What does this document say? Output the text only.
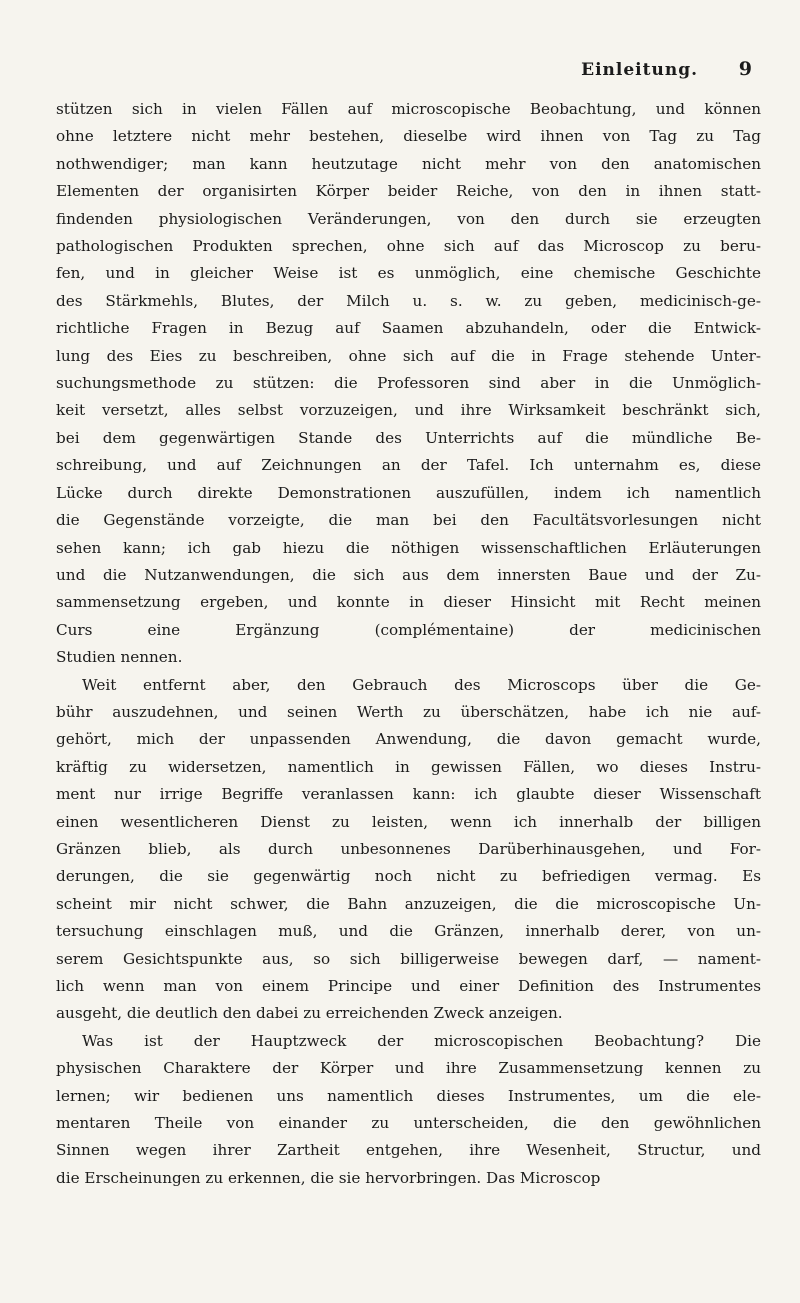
Einleitung. 9
stützen sich in vielen Fällen auf microscopische Beobachtung, und können
ohne letztere nicht mehr bestehen, dieselbe wird ihnen von Tag zu Tag
nothwendiger; man kann heutzutage nicht mehr von den anatomischen
Elementen der organisirten Körper beider Reiche, von den in ihnen statt-
findenden physiologischen Veränderungen, von den durch sie erzeugten
pathologischen Produkten sprechen, ohne sich auf das Microscop zu beru-
fen, und in gleicher Weise ist es unmöglich, eine chemische Geschichte
des Stärkmehls, Blutes, der Milch u. s. w. zu geben, medicinisch-ge-
richtliche Fragen in Bezug auf Saamen abzuhandeln, oder die Entwick-
lung des Eies zu beschreiben, ohne sich auf die in Frage stehende Unter-
suchungsmethode zu stützen: die Professoren sind aber in die Unmöglich-
keit versetzt, alles selbst vorzuzeigen, und ihre Wirksamkeit beschränkt sich,
bei dem gegenwärtigen Stande des Unterrichts auf die mündliche Be-
schreibung, und auf Zeichnungen an der Tafel. Ich unternahm es, diese
Lücke durch direkte Demonstrationen auszufüllen, indem ich namentlich
die Gegenstände vorzeigte, die man bei den Facultätsvorlesungen nicht
sehen kann; ich gab hiezu die nöthigen wissenschaftlichen Erläuterungen
und die Nutzanwendungen, die sich aus dem innersten Baue und der Zu-
sammensetzung ergeben, und konnte in dieser Hinsicht mit Recht meinen
Curs eine Ergänzung (complémentaine) der medicinischen
Studien nennen.
Weit entfernt aber, den Gebrauch des Microscops über die Ge-
bühr auszudehnen, und seinen Werth zu überschätzen, habe ich nie auf-
gehört, mich der unpassenden Anwendung, die davon gemacht wurde,
kräftig zu widersetzen, namentlich in gewissen Fällen, wo dieses Instru-
ment nur irrige Begriffe veranlassen kann: ich glaubte dieser Wissenschaft
einen wesentlicheren Dienst zu leisten, wenn ich innerhalb der billigen
Gränzen blieb, als durch unbesonnenes Darüberhinausgehen, und For-
derungen, die sie gegenwärtig noch nicht zu befriedigen vermag. Es
scheint mir nicht schwer, die Bahn anzuzeigen, die die microscopische Un-
tersuchung einschlagen muß, und die Gränzen, innerhalb derer, von un-
serem Gesichtspunkte aus, so sich billigerweise bewegen darf, — nament-
lich wenn man von einem Principe und einer Definition des Instrumentes
ausgeht, die deutlich den dabei zu erreichenden Zweck anzeigen.
Was ist der Hauptzweck der microscopischen Beobachtung? Die
physischen Charaktere der Körper und ihre Zusammensetzung kennen zu
lernen; wir bedienen uns namentlich dieses Instrumentes, um die ele-
mentaren Theile von einander zu unterscheiden, die den gewöhnlichen
Sinnen wegen ihrer Zartheit entgehen, ihre Wesenheit, Structur, und
die Erscheinungen zu erkennen, die sie hervorbringen. Das Microscop
